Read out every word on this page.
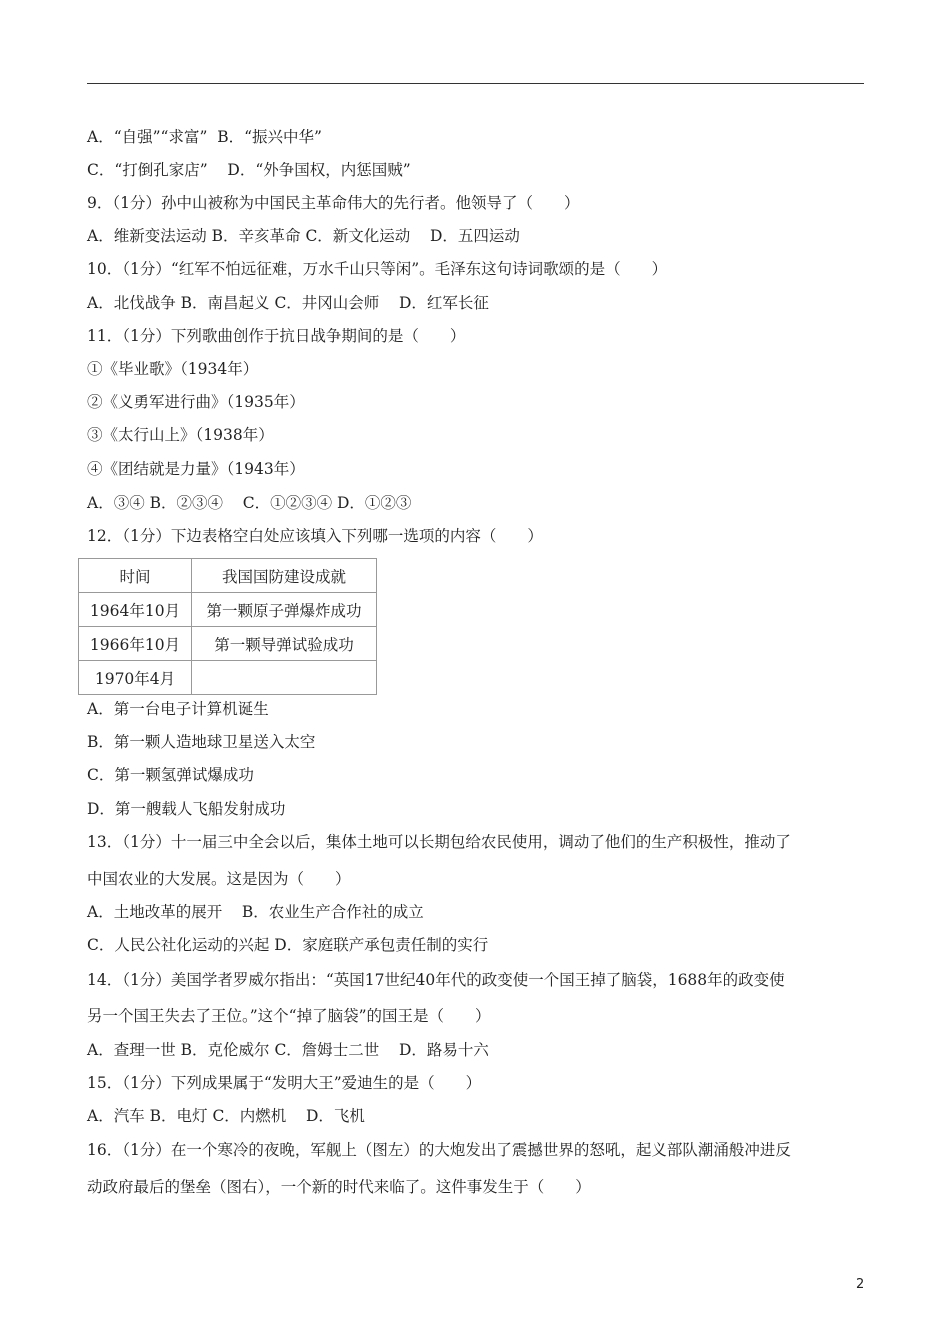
A．“自强”“求富”  B．“振兴中华”
C．“打倒孔家店”    D．“外争国权，内惩国贼”
9．（1分）孙中山被称为中国民主革命伟大的先行者。他领导了（　　）
A．维新变法运动 B．辛亥革命 C．新文化运动    D．五四运动
10．（1分）“红军不怕远征难，万水千山只等闲”。毛泽东这句诗词歌颂的是（　　）
A．北伐战争 B．南昌起义 C．井冈山会师    D．红军长征
11．（1分）下列歌曲创作于抗日战争期间的是（　　）
①《毕业歌》（1934年）
②《义勇军进行曲》（1935年）
③《太行山上》（1938年）
④《团结就是力量》（1943年）
A．③④ B．②③④    C．①②③④ D．①②③
12．（1分）下边表格空白处应该填入下列哪一选项的内容（　　）
时间	我国国防建设成就
1964年10月	第一颗原子弹爆炸成功
1966年10月	第一颗导弹试验成功
1970年4月	
A．第一台电子计算机诞生
B．第一颗人造地球卫星送入太空
C．第一颗氢弹试爆成功
D．第一艘载人飞船发射成功
13．（1分）十一届三中全会以后，集体土地可以长期包给农民使用，调动了他们的生产积极性，推动了
中国农业的大发展。这是因为（　　）
A．土地改革的展开    B．农业生产合作社的成立
C．人民公社化运动的兴起 D．家庭联产承包责任制的实行
14．（1分）美国学者罗威尔指出：“英国17世纪40年代的政变使一个国王掉了脑袋，1688年的政变使
另一个国王失去了王位。”这个“掉了脑袋”的国王是（　　）
A．查理一世 B．克伦威尔 C．詹姆士二世    D．路易十六
15．（1分）下列成果属于“发明大王”爱迪生的是（　　）
A．汽车 B．电灯 C．内燃机    D．飞机
16．（1分）在一个寒冷的夜晚，军舰上（图左）的大炮发出了震撼世界的怒吼，起义部队潮涌般冲进反
动政府最后的堡垒（图右），一个新的时代来临了。这件事发生于（　　）
2
